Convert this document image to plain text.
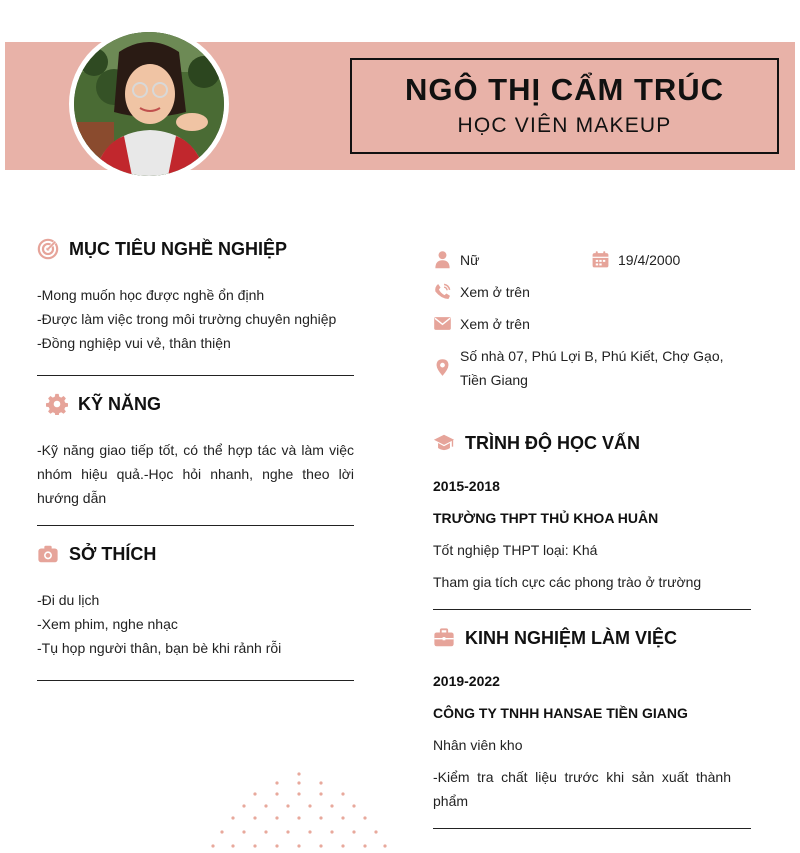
NGÔ THỊ CẨM TRÚC
HỌC VIÊN MAKEUP
MỤC TIÊU NGHỀ NGHIỆP
-Mong muốn học được nghề ổn định
-Được làm việc trong môi trường chuyên nghiệp
-Đồng nghiệp vui vẻ, thân thiện
KỸ NĂNG
-Kỹ năng giao tiếp tốt, có thể hợp tác và làm việc nhóm hiệu quả.-Học hỏi nhanh, nghe theo lời hướng dẫn
SỞ THÍCH
-Đi du lịch
-Xem phim, nghe nhạc
-Tụ họp người thân, bạn bè khi rảnh rỗi
Nữ	19/4/2000
Xem ở trên
Xem ở trên
Số nhà 07, Phú Lợi B, Phú Kiết, Chợ Gạo, Tiền Giang
TRÌNH ĐỘ HỌC VẤN
2015-2018
TRƯỜNG THPT THỦ KHOA HUÂN
Tốt nghiệp THPT loại: Khá
Tham gia tích cực các phong trào ở trường
KINH NGHIỆM LÀM VIỆC
2019-2022
CÔNG TY TNHH HANSAE TIỀN GIANG
Nhân viên kho
-Kiểm tra chất liệu trước khi sản xuất thành phẩm
